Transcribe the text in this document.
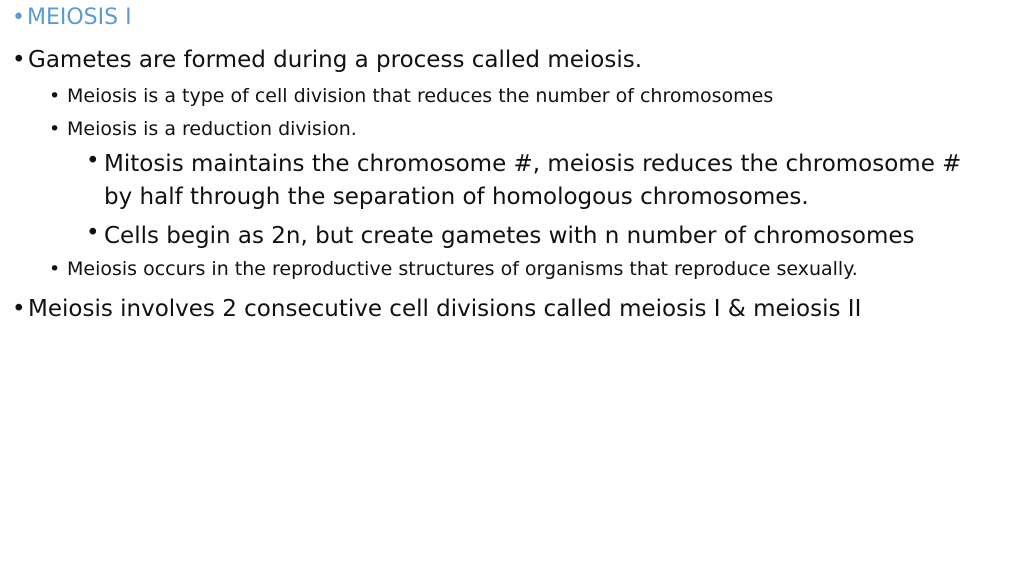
• MEIOSIS I
• Gametes are formed during a process called meiosis.
• Meiosis is a type of cell division that reduces the number of chromosomes
• Meiosis is a reduction division.
• Mitosis maintains the chromosome #, meiosis reduces the chromosome #
by half through the separation of homologous chromosomes.
• Cells begin as 2n, but create gametes with n number of chromosomes
• Meiosis occurs in the reproductive structures of organisms that reproduce sexually.
• Meiosis involves 2 consecutive cell divisions called meiosis I & meiosis II
